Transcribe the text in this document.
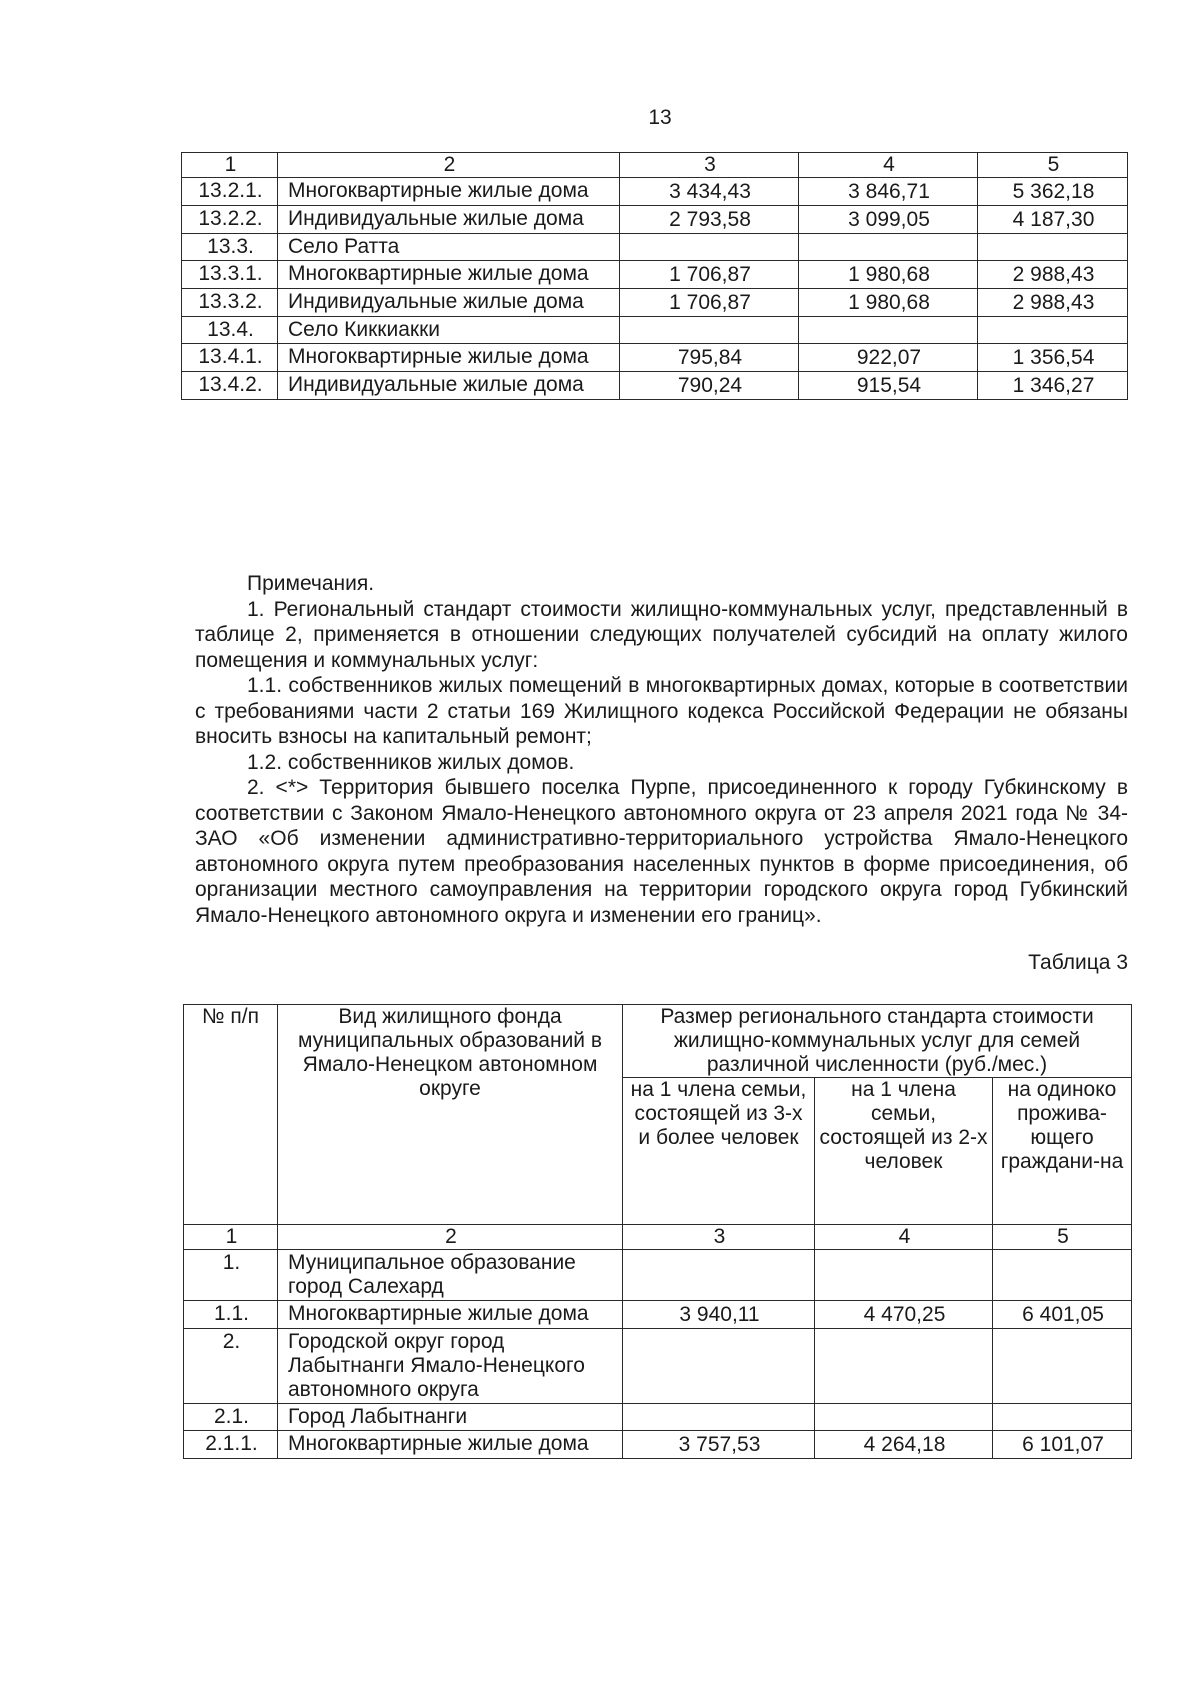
13
1	2	3	4	5
13.2.1.	Многоквартирные жилые дома	3 434,43	3 846,71	5 362,18
13.2.2.	Индивидуальные жилые дома	2 793,58	3 099,05	4 187,30
13.3.	Село Ратта			
13.3.1.	Многоквартирные жилые дома	1 706,87	1 980,68	2 988,43
13.3.2.	Индивидуальные жилые дома	1 706,87	1 980,68	2 988,43
13.4.	Село Киккиакки			
13.4.1.	Многоквартирные жилые дома	795,84	922,07	1 356,54
13.4.2.	Индивидуальные жилые дома	790,24	915,54	1 346,27

Примечания.

1. Региональный стандарт стоимости жилищно-коммунальных услуг, представленный в таблице 2, применяется в отношении следующих получателей субсидий на оплату жилого помещения и коммунальных услуг:

1.1. собственников жилых помещений в многоквартирных домах, которые в соответствии с требованиями части 2 статьи 169 Жилищного кодекса Российской Федерации не обязаны вносить взносы на капитальный ремонт;

1.2. собственников жилых домов.

2. <*> Территория бывшего поселка Пурпе, присоединенного к городу Губкинскому в соответствии с Законом Ямало-Ненецкого автономного округа от 23 апреля 2021 года № 34-ЗАО «Об изменении административно-территориального устройства Ямало-Ненецкого автономного округа путем преобразования населенных пунктов в форме присоединения, об организации местного самоуправления на территории городского округа город Губкинский Ямало-Ненецкого автономного округа и изменении его границ».

Таблица 3
№ п/п	Вид жилищного фонда муниципальных образований в Ямало-Ненецком автономном округе	Размер регионального стандарта стоимости жилищно-коммунальных услуг для семей различной численности (руб./мес.)		
		на 1 члена семьи, состоящей из 3-х и более человек	на 1 члена семьи, состоящей из 2-х человек	на одиноко прожива-ющего граждани-на
1	2	3	4	5
1.	Муниципальное образование город Салехард			
1.1.	Многоквартирные жилые дома	3 940,11	4 470,25	6 401,05
2.	Городской округ город Лабытнанги Ямало-Ненецкого автономного округа			
2.1.	Город Лабытнанги			
2.1.1.	Многоквартирные жилые дома	3 757,53	4 264,18	6 101,07
